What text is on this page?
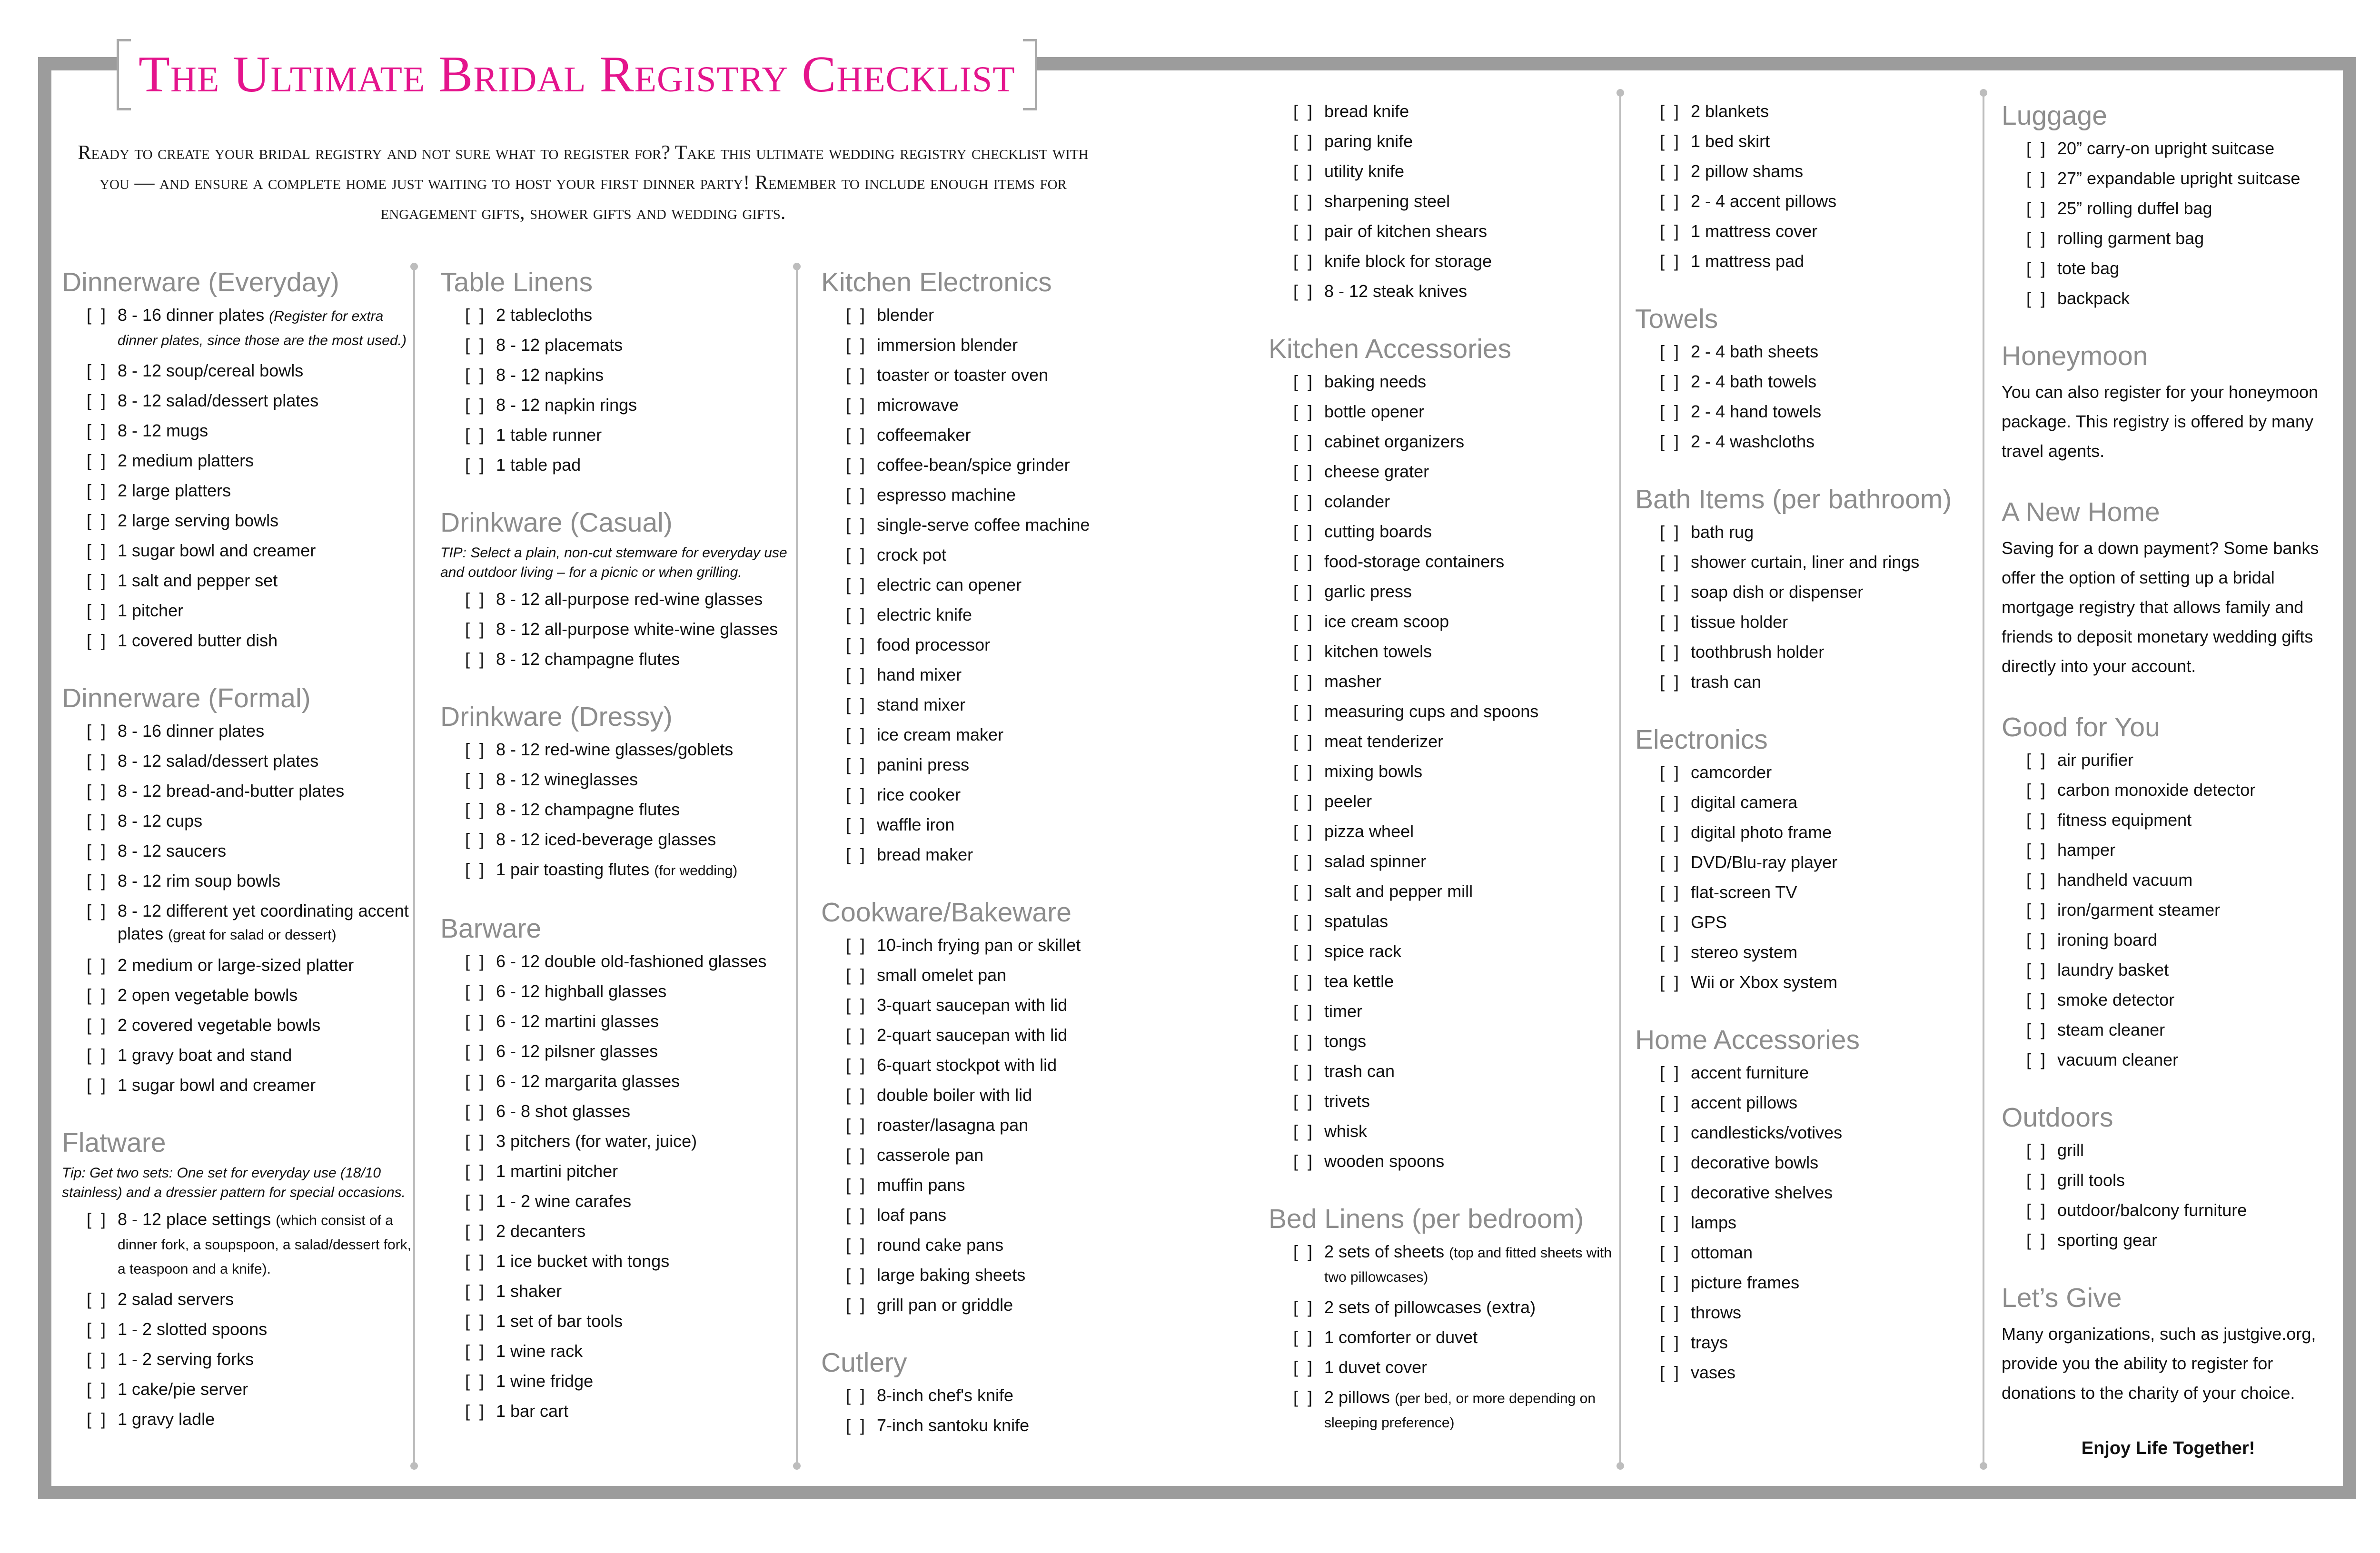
The Ultimate Bridal Registry Checklist
Ready to create your bridal registry and not sure what to register for? Take this ultimate wedding registry checklist with you — and ensure a complete home just waiting to host your first dinner party! Remember to include enough items for engagement gifts, shower gifts and wedding gifts.
Dinnerware (Everyday)
[  ] 8 - 16 dinner plates (Register for extra dinner plates, since those are the most used.)
[  ] 8 - 12 soup/cereal bowls
[  ] 8 - 12 salad/dessert plates
[  ] 8 - 12 mugs
[  ] 2 medium platters
[  ] 2 large platters
[  ] 2 large serving bowls
[  ] 1 sugar bowl and creamer
[  ] 1 salt and pepper set
[  ] 1 pitcher
[  ] 1 covered butter dish
Dinnerware (Formal)
[  ] 8 - 16 dinner plates
[  ] 8 - 12 salad/dessert plates
[  ] 8 - 12 bread-and-butter plates
[  ] 8 - 12 cups
[  ] 8 - 12 saucers
[  ] 8 - 12 rim soup bowls
[  ] 8 - 12 different yet coordinating accent plates (great for salad or dessert)
[  ] 2 medium or large-sized platter
[  ] 2 open vegetable bowls
[  ] 2 covered vegetable bowls
[  ] 1 gravy boat and stand
[  ] 1 sugar bowl and creamer
Flatware
Tip: Get two sets: One set for everyday use (18/10 stainless) and a dressier pattern for special occasions.
[  ] 8 - 12 place settings (which consist of a dinner fork, a soupspoon, a salad/dessert fork, a teaspoon and a knife).
[  ] 2 salad servers
[  ] 1 - 2 slotted spoons
[  ] 1 - 2 serving forks
[  ] 1 cake/pie server
[  ] 1 gravy ladle
Table Linens
[  ] 2 tablecloths
[  ] 8 - 12 placemats
[  ] 8 - 12 napkins
[  ] 8 - 12 napkin rings
[  ] 1 table runner
[  ] 1 table pad
Drinkware (Casual)
TIP: Select a plain, non-cut stemware for everyday use and outdoor living – for a picnic or when grilling.
[  ] 8 - 12 all-purpose red-wine glasses
[  ] 8 - 12 all-purpose white-wine glasses
[  ] 8 - 12 champagne flutes
Drinkware (Dressy)
[  ] 8 - 12 red-wine glasses/goblets
[  ] 8 - 12 wineglasses
[  ] 8 - 12 champagne flutes
[  ] 8 - 12 iced-beverage glasses
[  ] 1 pair toasting flutes (for wedding)
Barware
[  ] 6 - 12 double old-fashioned glasses
[  ] 6 - 12 highball glasses
[  ] 6 - 12 martini glasses
[  ] 6 - 12 pilsner glasses
[  ] 6 - 12 margarita glasses
[  ] 6 - 8 shot glasses
[  ] 3 pitchers (for water, juice)
[  ] 1 martini pitcher
[  ] 1 - 2 wine carafes
[  ] 2 decanters
[  ] 1 ice bucket with tongs
[  ] 1 shaker
[  ] 1 set of bar tools
[  ] 1 wine rack
[  ] 1 wine fridge
[  ] 1 bar cart
Kitchen Electronics
[  ] blender
[  ] immersion blender
[  ] toaster or toaster oven
[  ] microwave
[  ] coffeemaker
[  ] coffee-bean/spice grinder
[  ] espresso machine
[  ] single-serve coffee machine
[  ] crock pot
[  ] electric can opener
[  ] electric knife
[  ] food processor
[  ] hand mixer
[  ] stand mixer
[  ] ice cream maker
[  ] panini press
[  ] rice cooker
[  ] waffle iron
[  ] bread maker
Cookware/Bakeware
[  ] 10-inch frying pan or skillet
[  ] small omelet pan
[  ] 3-quart saucepan with lid
[  ] 2-quart saucepan with lid
[  ] 6-quart stockpot with lid
[  ] double boiler with lid
[  ] roaster/lasagna pan
[  ] casserole pan
[  ] muffin pans
[  ] loaf pans
[  ] round cake pans
[  ] large baking sheets
[  ] grill pan or griddle
Cutlery
[  ] 8-inch chef's knife
[  ] 7-inch santoku knife
[  ] bread knife
[  ] paring knife
[  ] utility knife
[  ] sharpening steel
[  ] pair of kitchen shears
[  ] knife block for storage
[  ] 8 - 12 steak knives
Kitchen Accessories
[  ] baking needs
[  ] bottle opener
[  ] cabinet organizers
[  ] cheese grater
[  ] colander
[  ] cutting boards
[  ] food-storage containers
[  ] garlic press
[  ] ice cream scoop
[  ] kitchen towels
[  ] masher
[  ] measuring cups and spoons
[  ] meat tenderizer
[  ] mixing bowls
[  ] peeler
[  ] pizza wheel
[  ] salad spinner
[  ] salt and pepper mill
[  ] spatulas
[  ] spice rack
[  ] tea kettle
[  ] timer
[  ] tongs
[  ] trash can
[  ] trivets
[  ] whisk
[  ] wooden spoons
Bed Linens (per bedroom)
[  ] 2 sets of sheets (top and fitted sheets with two pillowcases)
[  ] 2 sets of pillowcases (extra)
[  ] 1 comforter or duvet
[  ] 1 duvet cover
[  ] 2 pillows (per bed, or more depending on sleeping preference)
[  ] 2 blankets
[  ] 1 bed skirt
[  ] 2 pillow shams
[  ] 2 - 4 accent pillows
[  ] 1 mattress cover
[  ] 1 mattress pad
Towels
[  ] 2 - 4 bath sheets
[  ] 2 - 4 bath towels
[  ] 2 - 4 hand towels
[  ] 2 - 4 washcloths
Bath Items (per bathroom)
[  ] bath rug
[  ] shower curtain, liner and rings
[  ] soap dish or dispenser
[  ] tissue holder
[  ] toothbrush holder
[  ] trash can
Electronics
[  ] camcorder
[  ] digital camera
[  ] digital photo frame
[  ] DVD/Blu-ray player
[  ] flat-screen TV
[  ] GPS
[  ] stereo system
[  ] Wii or Xbox system
Home Accessories
[  ] accent furniture
[  ] accent pillows
[  ] candlesticks/votives
[  ] decorative bowls
[  ] decorative shelves
[  ] lamps
[  ] ottoman
[  ] picture frames
[  ] throws
[  ] trays
[  ] vases
Luggage
[  ] 20” carry-on upright suitcase
[  ] 27” expandable upright suitcase
[  ] 25” rolling duffel bag
[  ] rolling garment bag
[  ] tote bag
[  ] backpack
Honeymoon
You can also register for your honeymoon package. This registry is offered by many travel agents.
A New Home
Saving for a down payment? Some banks offer the option of setting up a bridal mortgage registry that allows family and friends to deposit monetary wedding gifts directly into your account.
Good for You
[  ] air purifier
[  ] carbon monoxide detector
[  ] fitness equipment
[  ] hamper
[  ] handheld vacuum
[  ] iron/garment steamer
[  ] ironing board
[  ] laundry basket
[  ] smoke detector
[  ] steam cleaner
[  ] vacuum cleaner
Outdoors
[  ] grill
[  ] grill tools
[  ] outdoor/balcony furniture
[  ] sporting gear
Let’s Give
Many organizations, such as justgive.org, provide you the ability to register for donations to the charity of your choice.
Enjoy Life Together!
